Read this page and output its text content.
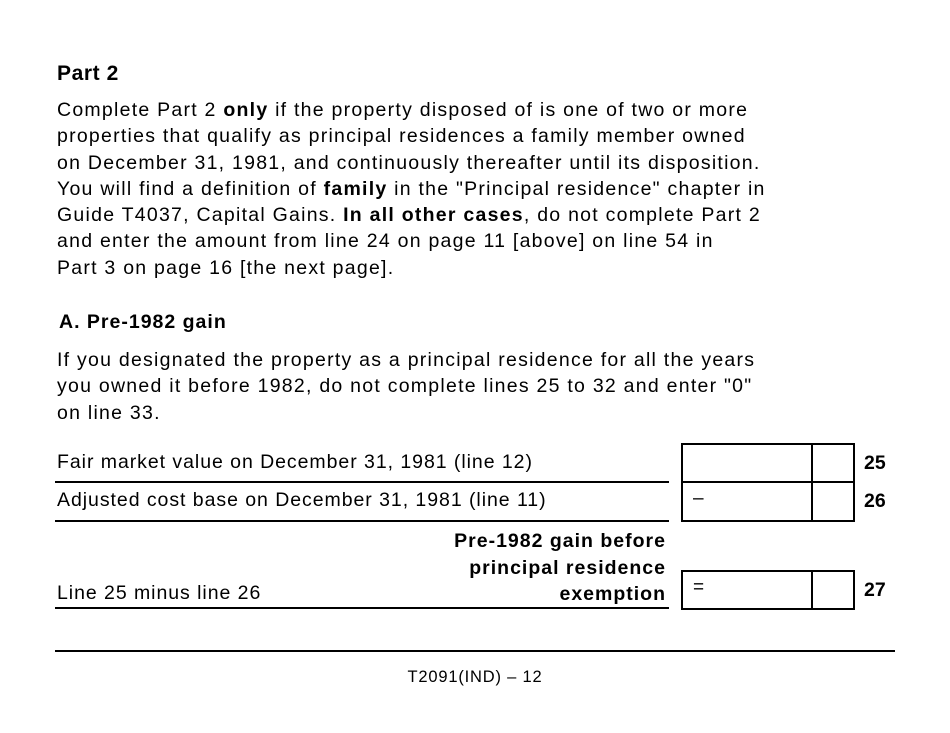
Part 2
Complete Part 2 only if the property disposed of is one of two or more
properties that qualify as principal residences a family member owned
on December 31, 1981, and continuously thereafter until its disposition.
You will find a definition of family in the "Principal residence" chapter in
Guide T4037, Capital Gains. In all other cases, do not complete Part 2
and enter the amount from line 24 on page 11 [above] on line 54 in
Part 3 on page 16 [the next page].
A. Pre-1982 gain
If you designated the property as a principal residence for all the years
you owned it before 1982, do not complete lines 25 to 32 and enter "0"
on line 33.
Fair market value on December 31, 1981 (line 12)	25
Adjusted cost base on December 31, 1981 (line 11)	–	26
Pre-1982 gain before
principal residence
exemption
Line 25 minus line 26	=	27
T2091(IND) – 12
